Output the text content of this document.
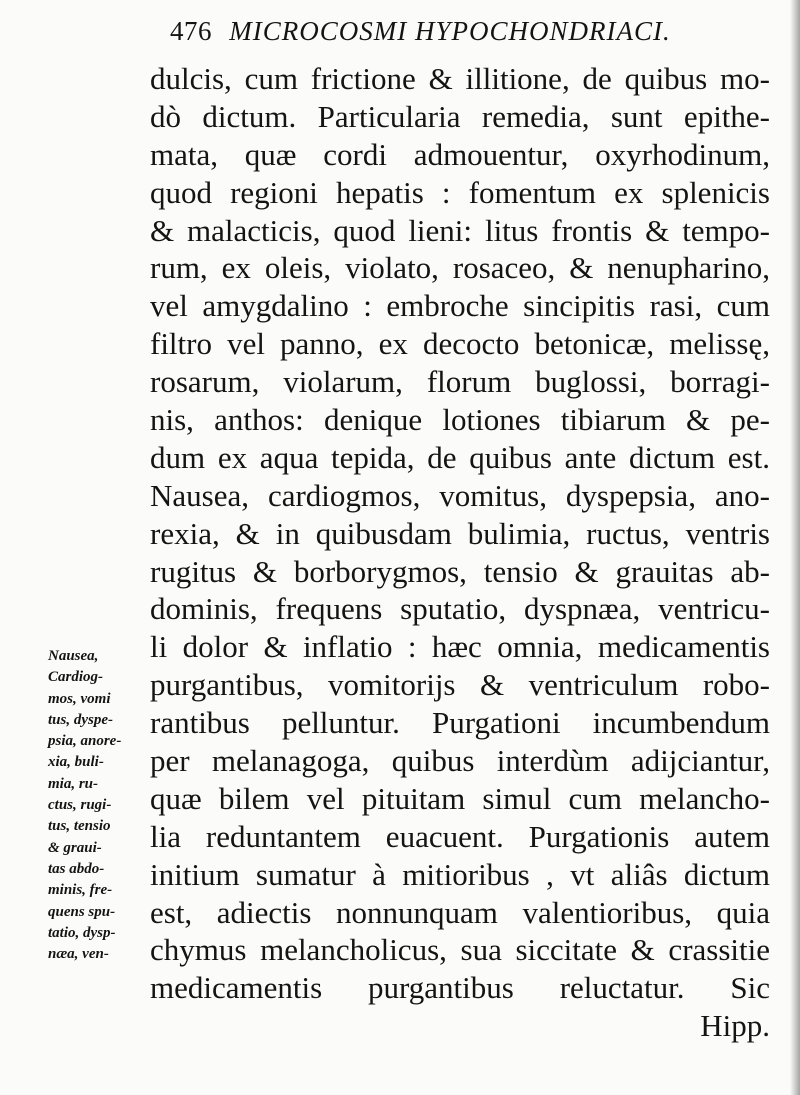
476 MICROCOSMI HYPOCHONDRIACI.
dulcis, cum frictione & illitione, de quibus mo-
dò dictum. Particularia remedia, sunt epithe-
mata, quæ cordi admouentur, oxyrhodinum,
quod regioni hepatis : fomentum ex splenicis
& malacticis, quod lieni: litus frontis & tempo-
rum, ex oleis, violato, rosaceo, & nenupharino,
vel amygdalino : embroche sincipitis rasi, cum
filtro vel panno, ex decocto betonicæ, melissę,
rosarum, violarum, florum buglossi, borragi-
nis, anthos: denique lotiones tibiarum & pe-
dum ex aqua tepida, de quibus ante dictum est.
Nausea, cardiogmos, vomitus, dyspepsia, ano-
rexia, & in quibusdam bulimia, ructus, ventris
rugitus & borborygmos, tensio & grauitas ab-
dominis, frequens sputatio, dyspnæa, ventricu-
li dolor & inflatio : hæc omnia, medicamentis
purgantibus, vomitorijs & ventriculum robo-
rantibus pelluntur. Purgationi incumbendum
per melanagoga, quibus interdùm adijciantur,
quæ bilem vel pituitam simul cum melancho-
lia reduntantem euacuent. Purgationis autem
initium sumatur à mitioribus , vt aliâs dictum
est, adiectis nonnunquam valentioribus, quia
chymus melancholicus, sua siccitate & crassitie
medicamentis purgantibus reluctatur. Sic
Hipp.
Nausea,
Cardiog-
mos, vomi
tus, dyspe-
psia, anore-
xia, buli-
mia, ru-
ctus, rugi-
tus, tensio
& graui-
tas abdo-
minis, fre-
quens spu-
tatio, dysp-
næa, ven-
